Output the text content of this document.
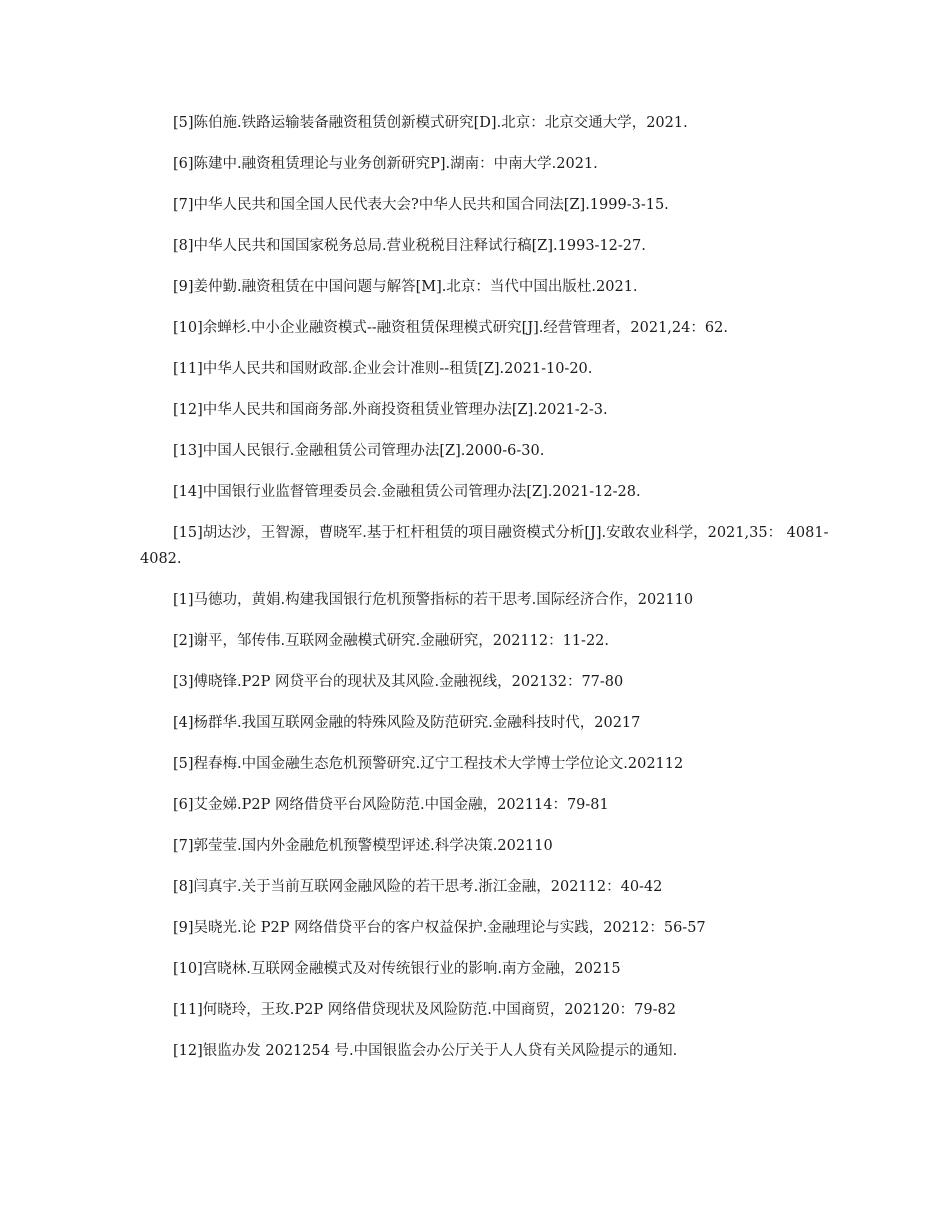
[5]陈伯施.铁路运输装备融资租赁创新模式研究[D].北京：北京交通大学，2021.
[6]陈建中.融资租赁理论与业务创新研究P].湖南：中南大学.2021.
[7]中华人民共和国全国人民代表大会?中华人民共和国合同法[Z].1999-3-15.
[8]中华人民共和国国家税务总局.营业税税目注释试行稿[Z].1993-12-27.
[9]姜仲勤.融资租赁在中国问题与解答[M].北京：当代中国出版杜.2021.
[10]余蝉杉.中小企业融资模式--融资租赁保理模式研究[J].经营管理者，2021,24：62.
[11]中华人民共和国财政部.企业会计准则--租赁[Z].2021-10-20.
[12]中华人民共和国商务部.外商投资租赁业管理办法[Z].2021-2-3.
[13]中国人民银行.金融租赁公司管理办法[Z].2000-6-30.
[14]中国银行业监督管理委员会.金融租赁公司管理办法[Z].2021-12-28.
[15]胡达沙，王智源，曹晓军.基于杠杆租赁的项目融资模式分析[J].安敢农业科学，2021,35： 4081-4082.
[1]马德功，黄娟.构建我国银行危机预警指标的若干思考.国际经济合作，202110
[2]谢平，邹传伟.互联网金融模式研究.金融研究，202112：11-22.
[3]傅晓锋.P2P 网贷平台的现状及其风险.金融视线，202132：77-80
[4]杨群华.我国互联网金融的特殊风险及防范研究.金融科技时代，20217
[5]程春梅.中国金融生态危机预警研究.辽宁工程技术大学博士学位论文.202112
[6]艾金娣.P2P 网络借贷平台风险防范.中国金融，202114：79-81
[7]郭莹莹.国内外金融危机预警模型评述.科学决策.202110
[8]闫真宇.关于当前互联网金融风险的若干思考.浙江金融，202112：40-42
[9]吴晓光.论 P2P 网络借贷平台的客户权益保护.金融理论与实践，20212：56-57
[10]宫晓林.互联网金融模式及对传统银行业的影响.南方金融，20215
[11]何晓玲，王玫.P2P 网络借贷现状及风险防范.中国商贸，202120：79-82
[12]银监办发 2021254 号.中国银监会办公厅关于人人贷有关风险提示的通知.
